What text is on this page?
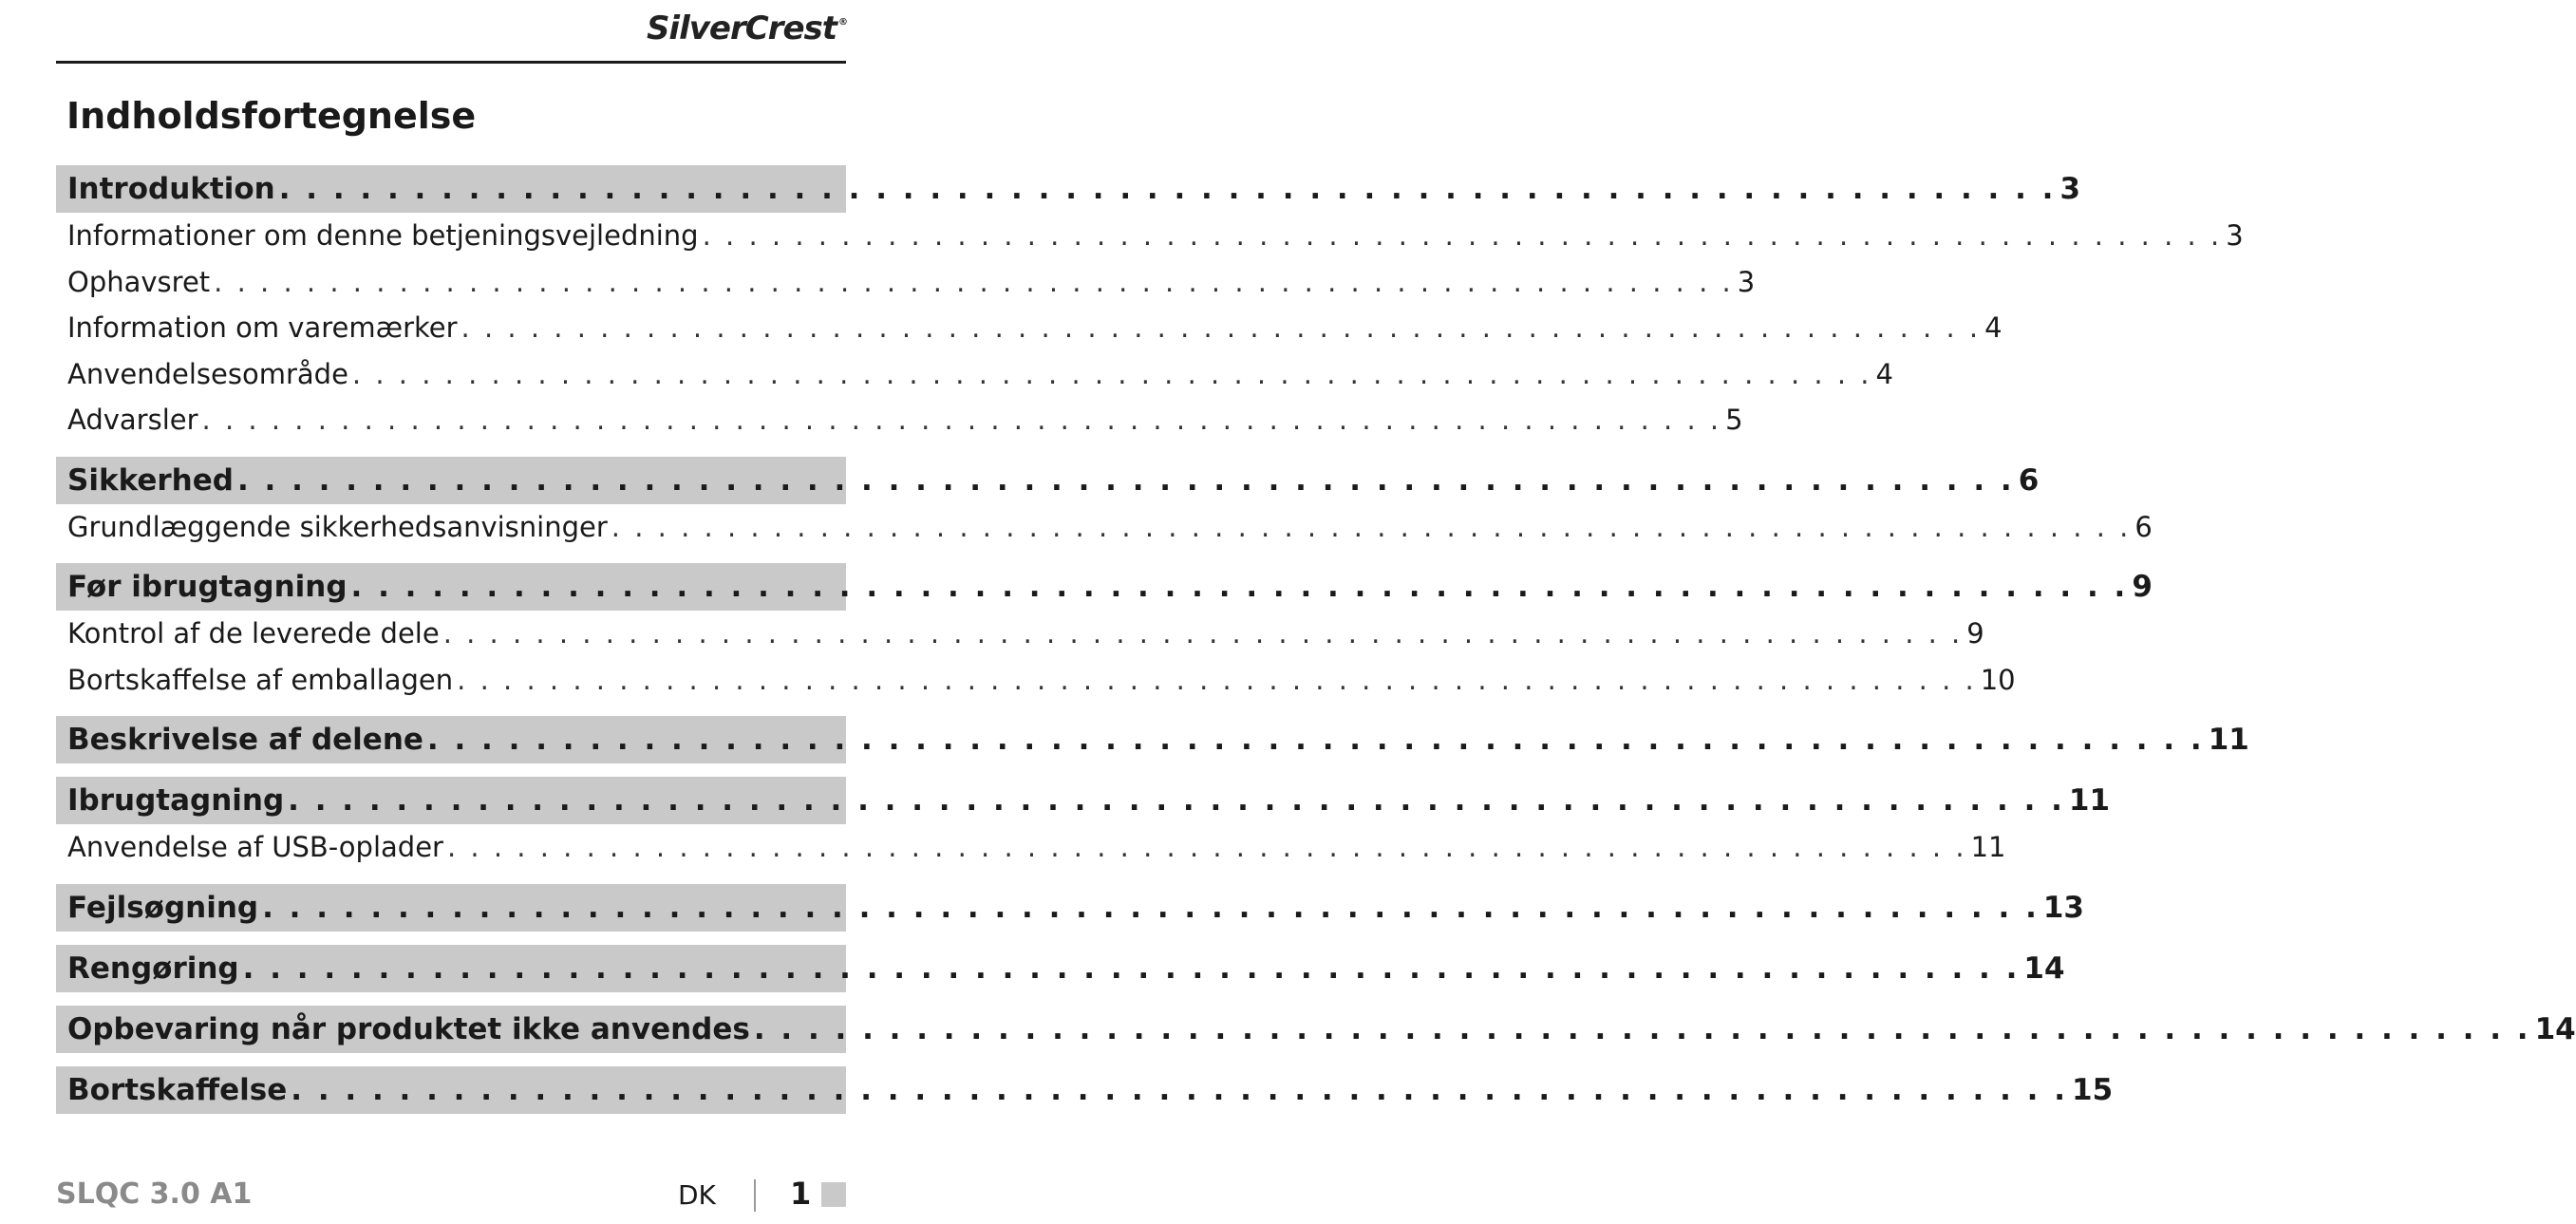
SilverCrest ®
Indholdsfortegnelse
Introduktion . . . . . . . . . . . . . . . . . . . . . . . . . . . . . . . . . . . . . . . . . . . . . . . . . . . . . . . . . . . . . . . . . . 3
Informationer om denne betjeningsvejledning . . . . . . . . . . . . . . . . . . . . . . . . . . . . . . . . . . . . . . . . . . . . . . . . . . . . . . . . . . . . . . . . . . 3
Ophavsret . . . . . . . . . . . . . . . . . . . . . . . . . . . . . . . . . . . . . . . . . . . . . . . . . . . . . . . . . . . . . . . . . . 3
Information om varemærker . . . . . . . . . . . . . . . . . . . . . . . . . . . . . . . . . . . . . . . . . . . . . . . . . . . . . . . . . . . . . . . . . . 4
Anvendelsesområde . . . . . . . . . . . . . . . . . . . . . . . . . . . . . . . . . . . . . . . . . . . . . . . . . . . . . . . . . . . . . . . . . . 4
Advarsler . . . . . . . . . . . . . . . . . . . . . . . . . . . . . . . . . . . . . . . . . . . . . . . . . . . . . . . . . . . . . . . . . . 5
Sikkerhed . . . . . . . . . . . . . . . . . . . . . . . . . . . . . . . . . . . . . . . . . . . . . . . . . . . . . . . . . . . . . . . . . . 6
Grundlæggende sikkerhedsanvisninger . . . . . . . . . . . . . . . . . . . . . . . . . . . . . . . . . . . . . . . . . . . . . . . . . . . . . . . . . . . . . . . . . . 6
Før ibrugtagning . . . . . . . . . . . . . . . . . . . . . . . . . . . . . . . . . . . . . . . . . . . . . . . . . . . . . . . . . . . . . . . . . . 9
Kontrol af de leverede dele . . . . . . . . . . . . . . . . . . . . . . . . . . . . . . . . . . . . . . . . . . . . . . . . . . . . . . . . . . . . . . . . . . 9
Bortskaffelse af emballagen . . . . . . . . . . . . . . . . . . . . . . . . . . . . . . . . . . . . . . . . . . . . . . . . . . . . . . . . . . . . . . . . . . 10
Beskrivelse af delene . . . . . . . . . . . . . . . . . . . . . . . . . . . . . . . . . . . . . . . . . . . . . . . . . . . . . . . . . . . . . . . . . . 11
Ibrugtagning . . . . . . . . . . . . . . . . . . . . . . . . . . . . . . . . . . . . . . . . . . . . . . . . . . . . . . . . . . . . . . . . . . 11
Anvendelse af USB-oplader . . . . . . . . . . . . . . . . . . . . . . . . . . . . . . . . . . . . . . . . . . . . . . . . . . . . . . . . . . . . . . . . . . 11
Fejlsøgning . . . . . . . . . . . . . . . . . . . . . . . . . . . . . . . . . . . . . . . . . . . . . . . . . . . . . . . . . . . . . . . . . . 13
Rengøring . . . . . . . . . . . . . . . . . . . . . . . . . . . . . . . . . . . . . . . . . . . . . . . . . . . . . . . . . . . . . . . . . . 14
Opbevaring når produktet ikke anvendes . . . . . . . . . . . . . . . . . . . . . . . . . . . . . . . . . . . . . . . . . . . . . . . . . . . . . . . . . . . . . . . . . . 14
Bortskaffelse . . . . . . . . . . . . . . . . . . . . . . . . . . . . . . . . . . . . . . . . . . . . . . . . . . . . . . . . . . . . . . . . . . 15
SLQC 3.0 A1	DK 1
